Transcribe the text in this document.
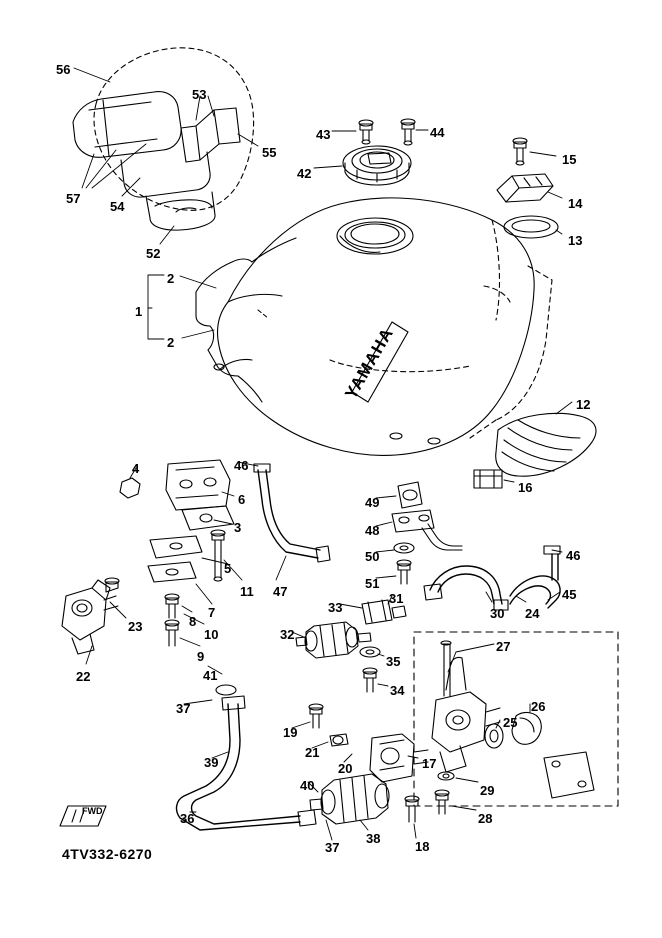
YAMAHA
56
53
55
57
54
52
43	44
42
15
14
13
2
1
2
12
16
4	46
6
3
49
48
50
51
5
47
11
7
8
10
9
23
22	41
32
33
31
30 24
45
46
27
35
34
25
26
29
28
37
39
36
19
21
20	17
40
37
38
18
FWD
4TV332-6270
